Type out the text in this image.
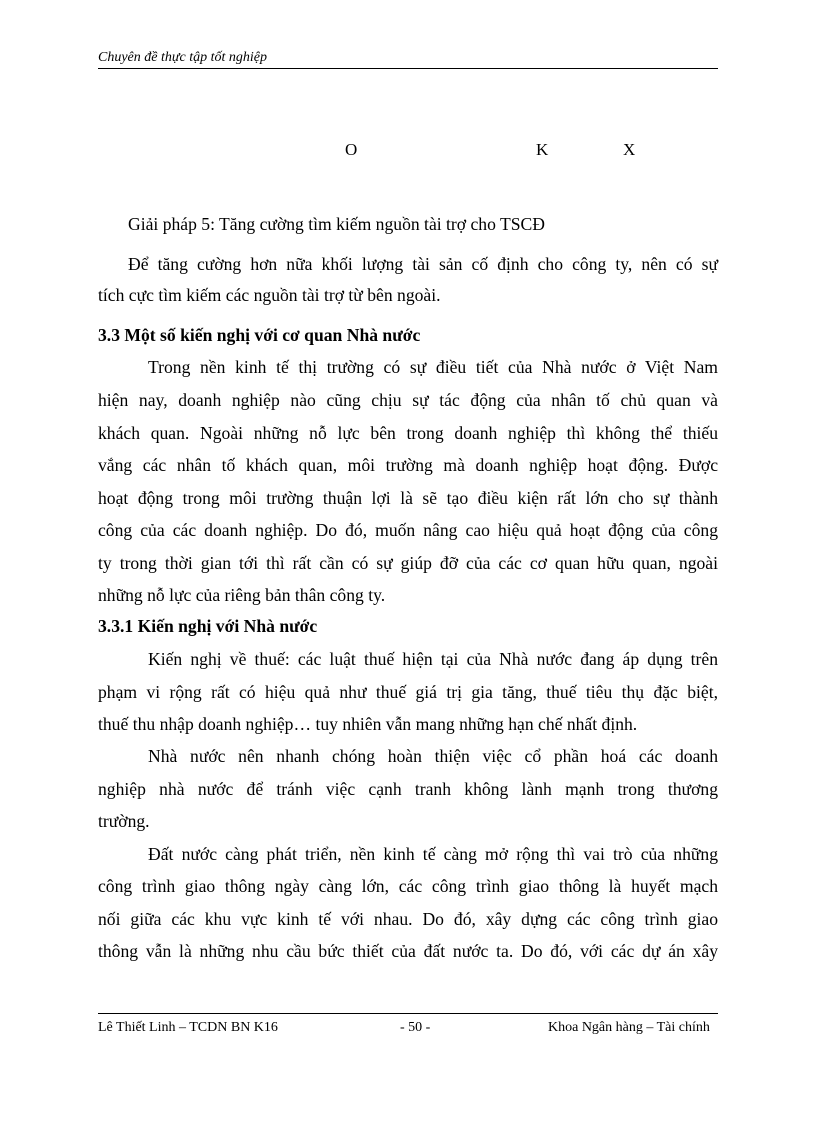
Chuyên đề thực tập tốt nghiệp
O	K	X
Giải pháp 5: Tăng cường tìm kiếm nguồn tài trợ cho TSCĐ
Để tăng cường hơn nữa khối lượng tài sản cố định cho công ty, nên có sự
tích cực tìm kiếm các nguồn tài trợ từ bên ngoài.
3.3 Một số kiến nghị với cơ quan Nhà nước
Trong nền kinh tế thị trường có sự điều tiết của Nhà nước ở Việt Nam
hiện nay, doanh nghiệp nào cũng chịu sự tác động của nhân tố chủ quan và
khách quan. Ngoài những nỗ lực bên trong doanh nghiệp thì không thể thiếu
vắng các nhân tố khách quan, môi trường mà doanh nghiệp hoạt động. Được
hoạt động trong môi trường thuận lợi là sẽ tạo điều kiện rất lớn cho sự thành
công của các doanh nghiệp. Do đó, muốn nâng cao hiệu quả hoạt động của công
ty trong thời gian tới thì rất cần có sự giúp đỡ của các cơ quan hữu quan, ngoài
những nỗ lực của riêng bản thân công ty.
3.3.1 Kiến nghị với Nhà nước
Kiến nghị về thuế: các luật thuế hiện tại của Nhà nước đang áp dụng trên
phạm vi rộng rất có hiệu quả như thuế giá trị gia tăng, thuế tiêu thụ đặc biệt,
thuế thu nhập doanh nghiệp… tuy nhiên vẫn mang những hạn chế nhất định.
Nhà nước nên nhanh chóng hoàn thiện việc cổ phần hoá các doanh
nghiệp nhà nước để tránh việc cạnh tranh không lành mạnh trong thương
trường.
Đất nước càng phát triển, nền kinh tế càng mở rộng thì vai trò của những
công trình giao thông ngày càng lớn, các công trình giao thông là huyết mạch
nối giữa các khu vực kinh tế với nhau. Do đó, xây dựng các công trình giao
thông vẫn là những nhu cầu bức thiết của đất nước ta. Do đó, với các dự án xây
Lê Thiết Linh – TCDN BN K16	- 50 -	Khoa Ngân hàng – Tài chính
